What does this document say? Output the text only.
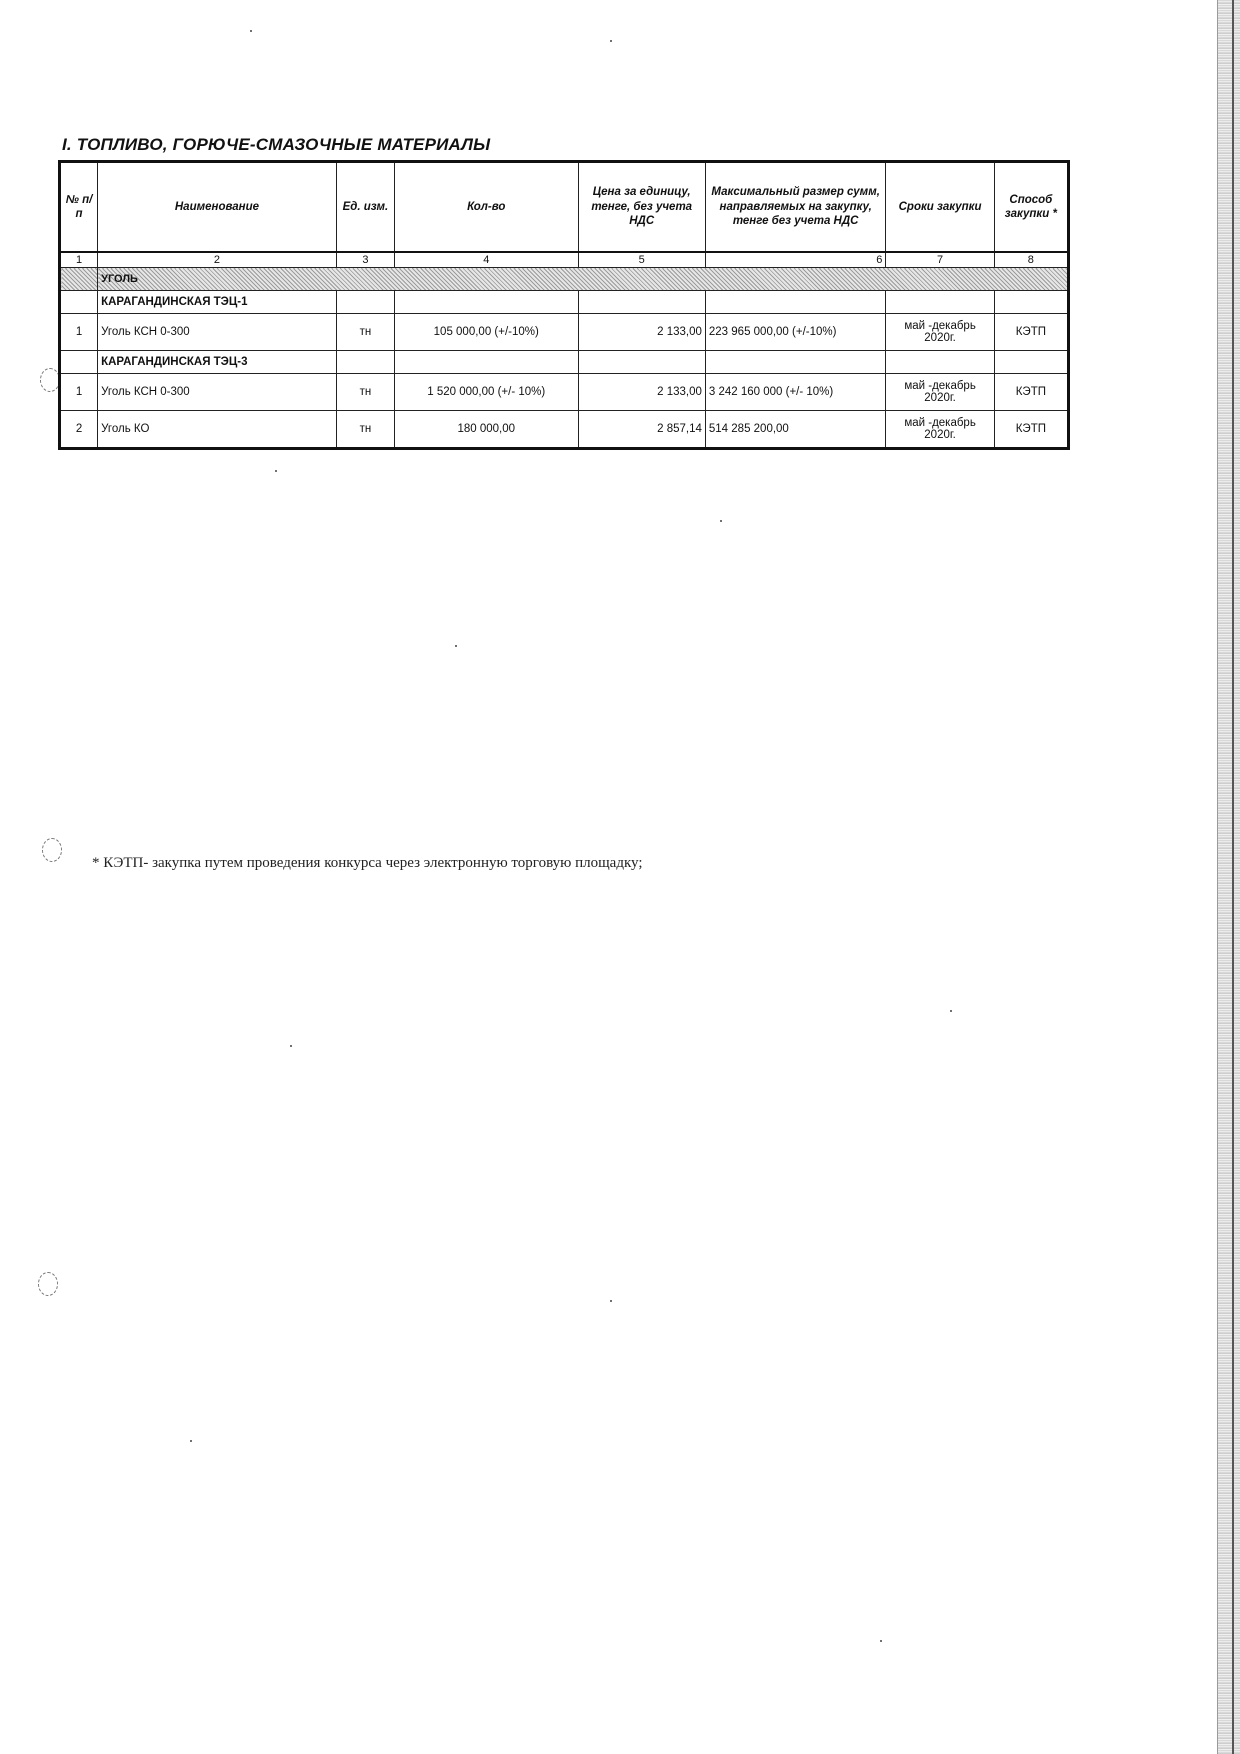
I. ТОПЛИВО, ГОРЮЧЕ-СМАЗОЧНЫЕ МАТЕРИАЛЫ
№ п/п	Наименование	Ед. изм.	Кол-во	Цена за единицу, тенге, без учета НДС	Максимальный размер сумм, направляемых на закупку, тенге без учета НДС	Сроки закупки	Способ закупки *
1	2	3	4	5	6	7	8
	УГОЛЬ						
	КАРАГАНДИНСКАЯ ТЭЦ-1						
1	Уголь КСН 0-300	тн	105 000,00 (+/-10%)	2 133,00	223 965 000,00 (+/-10%)	май -декабрь 2020г.	КЭТП
	КАРАГАНДИНСКАЯ ТЭЦ-3						
1	Уголь КСН 0-300	тн	1 520 000,00 (+/- 10%)	2 133,00	3 242 160 000 (+/- 10%)	май -декабрь 2020г.	КЭТП
2	Уголь КО	тн	180 000,00	2 857,14	514 285 200,00	май -декабрь 2020г.	КЭТП

* КЭТП- закупка путем проведения конкурса через электронную торговую площадку;
